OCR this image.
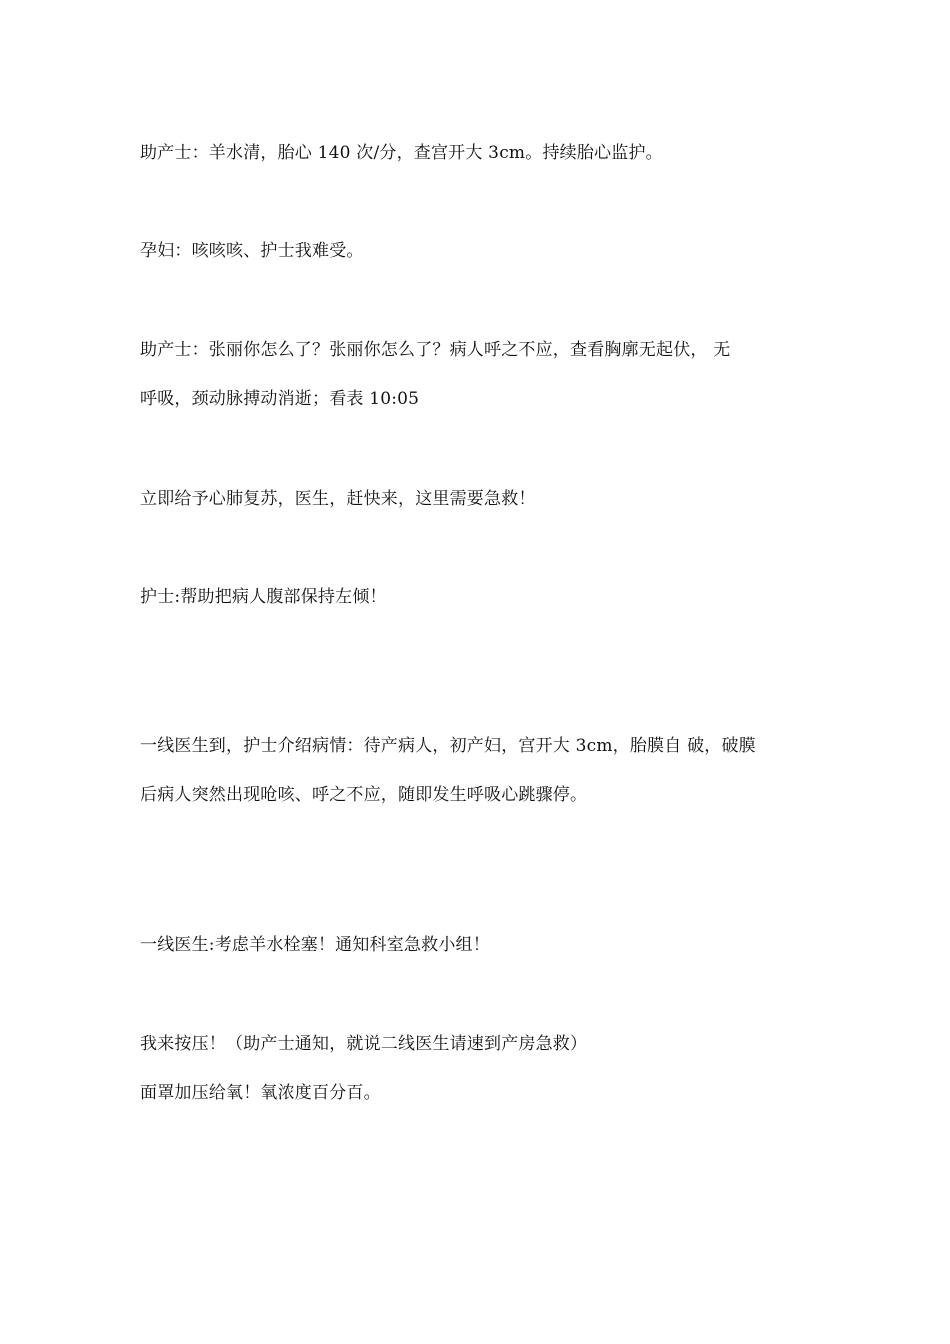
助产士：羊水清，胎心 140 次/分，查宫开大 3cm。持续胎心监护。
孕妇：咳咳咳、护士我难受。
助产士：张丽你怎么了？张丽你怎么了？病人呼之不应，查看胸廓无起伏， 无
呼吸，颈动脉搏动消逝；看表 10:05
立即给予心肺复苏，医生，赶快来，这里需要急救！
护士:帮助把病人腹部保持左倾！
一线医生到，护士介绍病情：待产病人，初产妇，宫开大 3cm，胎膜自 破，破膜
后病人突然出现呛咳、呼之不应，随即发生呼吸心跳骤停。
一线医生:考虑羊水栓塞！通知科室急救小组！
我来按压！（助产士通知，就说二线医生请速到产房急救）
面罩加压给氧！氧浓度百分百。
